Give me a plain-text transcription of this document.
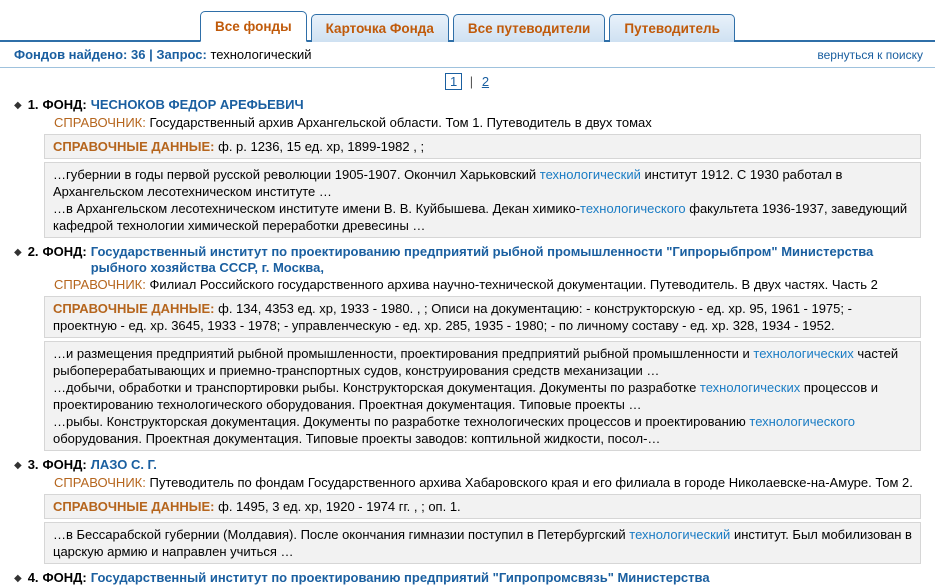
Все фонды	Карточка Фонда	Все путеводители	Путеводитель
Фондов найдено: 36 | Запрос: технологический	вернуться к поиску
1 | 2
◆ 1. ФОНД: ЧЕСНОКОВ ФЕДОР АРЕФЬЕВИЧ
СПРАВОЧНИК: Государственный архив Архангельской области. Том 1. Путеводитель в двух томах
СПРАВОЧНЫЕ ДАННЫЕ: ф. р. 1236, 15 ед. хр, 1899-1982 , ;

…губернии в годы первой русской революции 1905-1907. Окончил Харьковский технологический институт 1912. С 1930 работал в Архангельском лесотехническом институте …

…в Архангельском лесотехническом институте имени В. В. Куйбышева. Декан химико-технологического факультета 1936-1937, заведующий кафедрой технологии химической переработки древесины …

◆ 2. ФОНД: Государственный институт по проектированию предприятий рыбной промышленности "Гипрорыбпром" Министерства рыбного хозяйства СССР, г. Москва,
СПРАВОЧНИК: Филиал Российского государственного архива научно-технической документации. Путеводитель. В двух частях. Часть 2
СПРАВОЧНЫЕ ДАННЫЕ: ф. 134, 4353 ед. хр, 1933 - 1980. , ; Описи на документацию: - конструкторскую - ед. хр. 95, 1961 - 1975; - проектную - ед. хр. 3645, 1933 - 1978; - управленческую - ед. хр. 285, 1935 - 1980; - по личному составу - ед. хр. 328, 1934 - 1952.

…и размещения предприятий рыбной промышленности, проектирования предприятий рыбной промышленности и технологических частей рыбоперерабатывающих и приемно-транспортных судов, конструирования средств механизации …

…добычи, обработки и транспортировки рыбы. Конструкторская документация. Документы по разработке технологических процессов и проектированию технологического оборудования. Проектная документация. Типовые проекты …

…рыбы. Конструкторская документация. Документы по разработке технологических процессов и проектированию технологического оборудования. Проектная документация. Типовые проекты заводов: коптильной жидкости, посол-…

◆ 3. ФОНД: ЛАЗО С. Г.
СПРАВОЧНИК: Путеводитель по фондам Государственного архива Хабаровского края и его филиала в городе Николаевске-на-Амуре. Том 2.
СПРАВОЧНЫЕ ДАННЫЕ: ф. 1495, 3 ед. хр, 1920 - 1974 гг. , ; оп. 1.

…в Бессарабской губернии (Молдавия). После окончания гимназии поступил в Петербургский технологический институт. Был мобилизован в царскую армию и направлен учиться …

◆ 4. ФОНД: Государственный институт по проектированию предприятий "Гипропромсвязь" Министерства
